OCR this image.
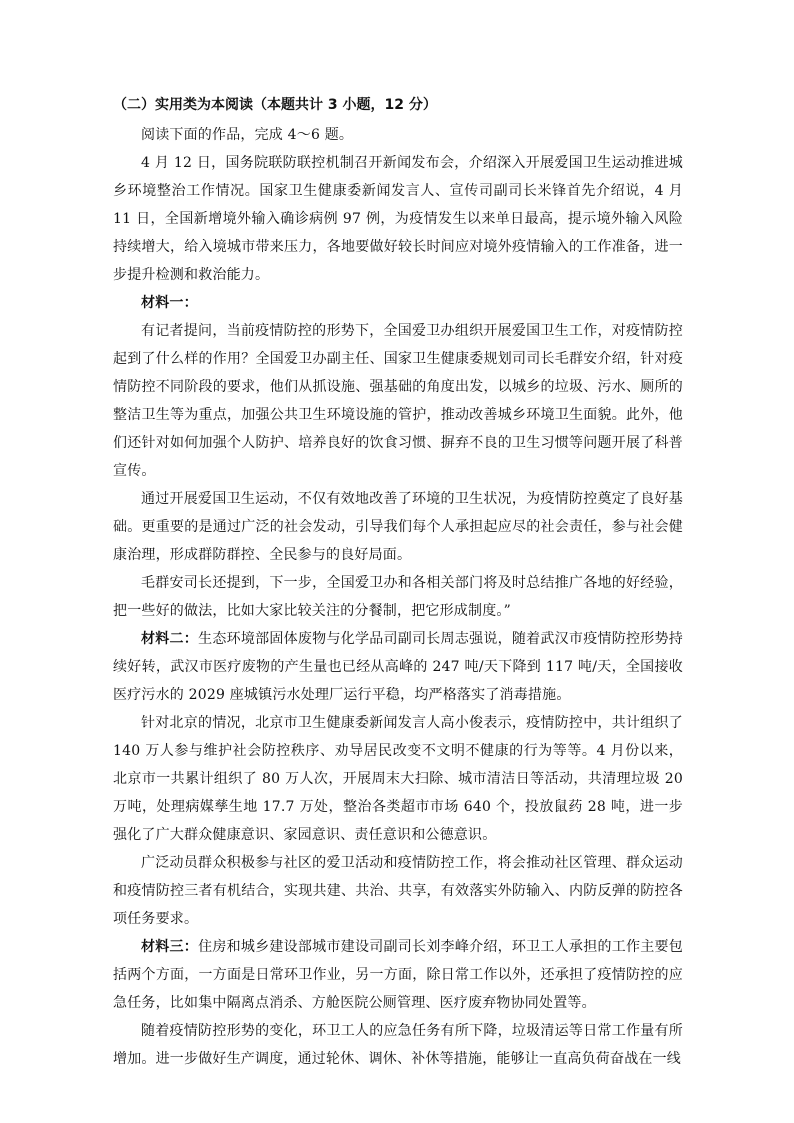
（二）实用类为本阅读（本题共计 3 小题，12 分）

阅读下面的作品，完成 4～6 题。

4 月 12 日，国务院联防联控机制召开新闻发布会，介绍深入开展爱国卫生运动推进城乡环境整治工作情况。国家卫生健康委新闻发言人、宣传司副司长米锋首先介绍说，4 月 11 日，全国新增境外输入确诊病例 97 例，为疫情发生以来单日最高，提示境外输入风险持续增大，给入境城市带来压力，各地要做好较长时间应对境外疫情输入的工作准备，进一步提升检测和救治能力。

材料一：

有记者提问，当前疫情防控的形势下，全国爱卫办组织开展爱国卫生工作，对疫情防控起到了什么样的作用？全国爱卫办副主任、国家卫生健康委规划司司长毛群安介绍，针对疫情防控不同阶段的要求，他们从抓设施、强基础的角度出发，以城乡的垃圾、污水、厕所的整洁卫生等为重点，加强公共卫生环境设施的管护，推动改善城乡环境卫生面貌。此外，他们还针对如何加强个人防护、培养良好的饮食习惯、摒弃不良的卫生习惯等问题开展了科普宣传。

通过开展爱国卫生运动，不仅有效地改善了环境的卫生状况，为疫情防控奠定了良好基础。更重要的是通过广泛的社会发动，引导我们每个人承担起应尽的社会责任，参与社会健康治理，形成群防群控、全民参与的良好局面。

毛群安司长还提到，下一步，全国爱卫办和各相关部门将及时总结推广各地的好经验，把一些好的做法，比如大家比较关注的分餐制，把它形成制度。”

材料二：生态环境部固体废物与化学品司副司长周志强说，随着武汉市疫情防控形势持续好转，武汉市医疗废物的产生量也已经从高峰的 247 吨/天下降到 117 吨/天，全国接收医疗污水的 2029 座城镇污水处理厂运行平稳，均严格落实了消毒措施。

针对北京的情况，北京市卫生健康委新闻发言人高小俊表示，疫情防控中，共计组织了 140 万人参与维护社会防控秩序、劝导居民改变不文明不健康的行为等等。4 月份以来，北京市一共累计组织了 80 万人次，开展周末大扫除、城市清洁日等活动，共清理垃圾 20 万吨，处理病媒孳生地 17.7 万处，整治各类超市市场 640 个，投放鼠药 28 吨，进一步强化了广大群众健康意识、家园意识、责任意识和公德意识。

广泛动员群众积极参与社区的爱卫活动和疫情防控工作，将会推动社区管理、群众运动和疫情防控三者有机结合，实现共建、共治、共享，有效落实外防输入、内防反弹的防控各项任务要求。

材料三：住房和城乡建设部城市建设司副司长刘李峰介绍，环卫工人承担的工作主要包括两个方面，一方面是日常环卫作业，另一方面，除日常工作以外，还承担了疫情防控的应急任务，比如集中隔离点消杀、方舱医院公厕管理、医疗废弃物协同处置等。

随着疫情防控形势的变化，环卫工人的应急任务有所下降，垃圾清运等日常工作量有所增加。进一步做好生产调度，通过轮休、调休、补休等措施，能够让一直高负荷奋战在一线
